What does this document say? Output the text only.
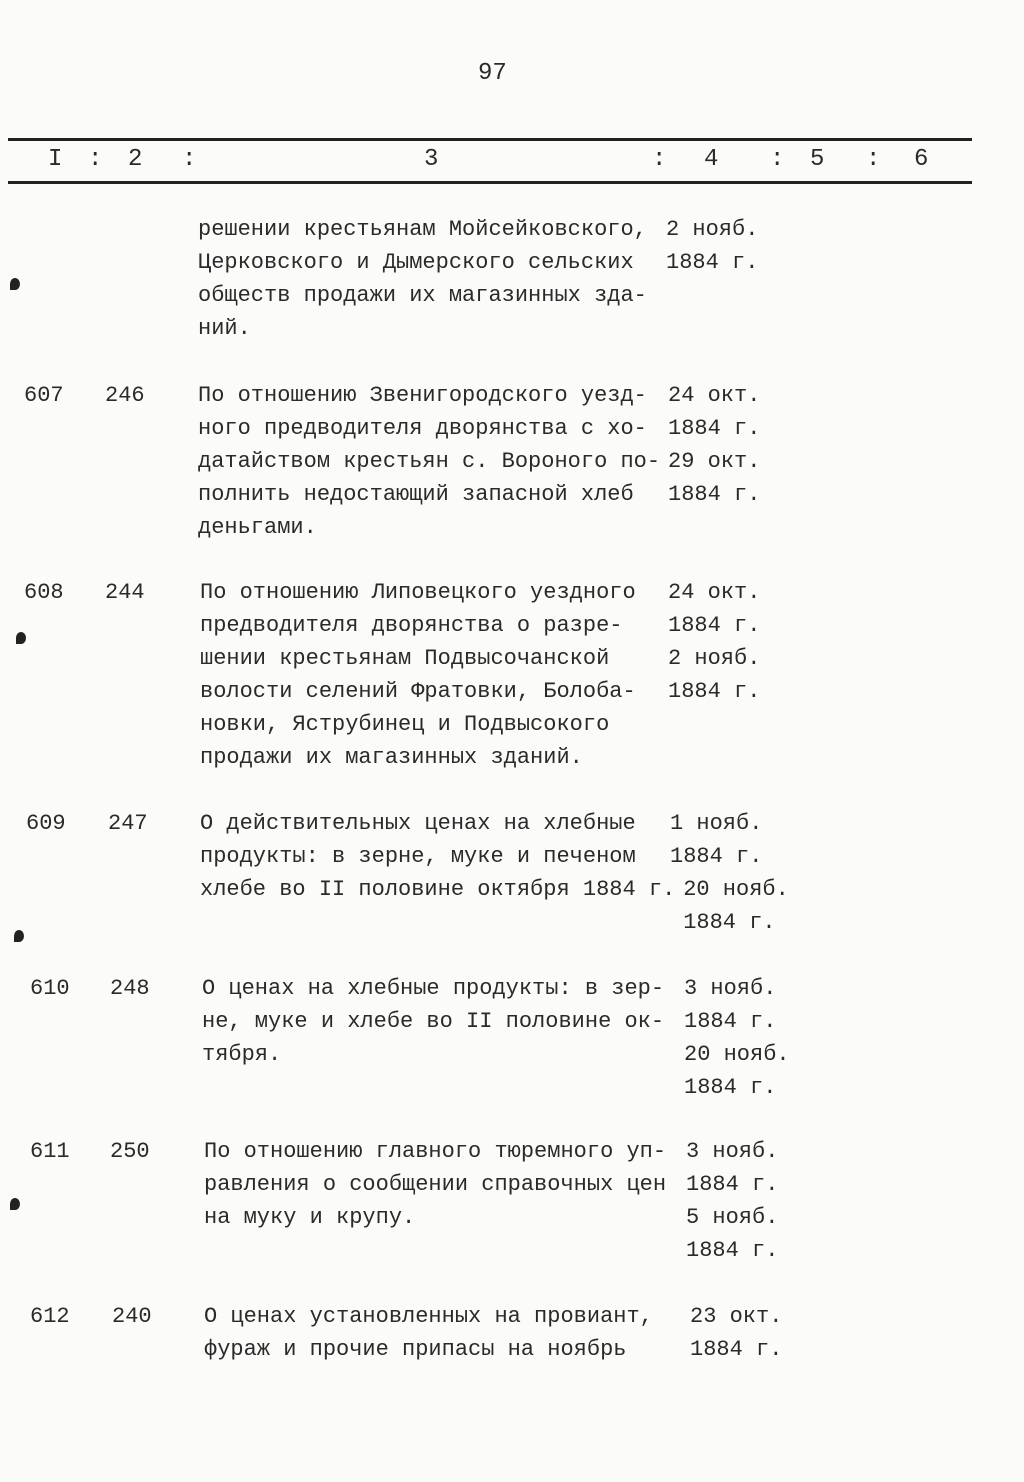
97
I : 2 :	3	: 4 : 5 : 6
решении крестьянам Мойсейковского,
Церковского и Дымерского сельских
обществ продажи их магазинных зда-
ний.
2 нояб.
1884 г.
607 246 По отношению Звенигородского уезд-
ного предводителя дворянства с хо-
датайством крестьян с. Вороного по-
полнить недостающий запасной хлеб
деньгами.
24 окт.
1884 г.
29 окт.
1884 г.
608 244	По отношению Липовецкого уездного
предводителя дворянства о разре-
шении крестьянам Подвысочанской
волости селений Фратовки, Болоба-
новки, Яструбинец и Подвысокого
продажи их магазинных зданий.
24 окт.
1884 г.
2 нояб.
1884 г.
609 247 О действительных ценах на хлебные
продукты: в зерне, муке и печеном
хлебе во II половине октября 1884 г.
1 нояб.
1884 г.
20 нояб.
1884 г.
610 248 О ценах на хлебные продукты: в зер-
не, муке и хлебе во II половине ок-
тября.
3 нояб.
1884 г.
20 нояб.
1884 г.
611 250 По отношению главного тюремного уп-
равления о сообщении справочных цен
на муку и крупу.
3 нояб.
1884 г.
5 нояб.
1884 г.
612 240 О ценах установленных на провиант,
фураж и прочие припасы на ноябрь
23 окт.
1884 г.
